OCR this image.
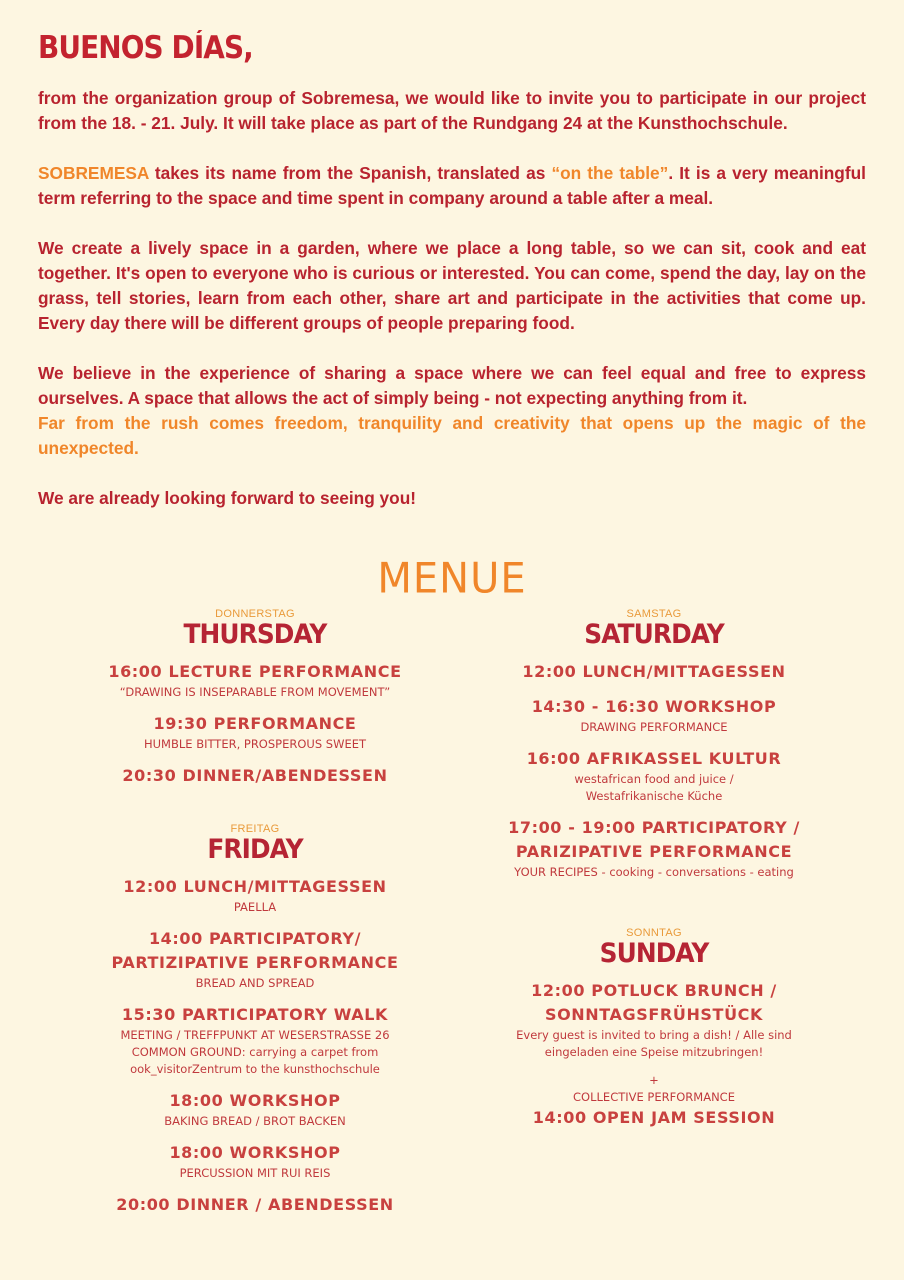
BUENOS DÍAS,

from the organization group of Sobremesa, we would like to invite you to participate in our project from the 18. - 21. July. It will take place as part of the Rundgang 24 at the Kunsthochschule.

SOBREMESA takes its name from the Spanish, translated as “on the table”. It is a very meaningful term referring to the space and time spent in company around a table after a meal.

We create a lively space in a garden, where we place a long table, so we can sit, cook and eat together. It's open to everyone who is curious or interested. You can come, spend the day, lay on the grass, tell stories, learn from each other, share art and participate in the activities that come up. Every day there will be different groups of people preparing food.

We believe in the experience of sharing a space where we can feel equal and free to express ourselves. A space that allows the act of simply being - not expecting anything from it.
Far from the rush comes freedom, tranquility and creativity that opens up the magic of the unexpected.

We are already looking forward to seeing you!

MENUE
DONNERSTAG
THURSDAY
16:00 LECTURE PERFORMANCE
“DRAWING IS INSEPARABLE FROM MOVEMENT”
19:30 PERFORMANCE
HUMBLE BITTER, PROSPEROUS SWEET
20:30 DINNER/ABENDESSEN
FREITAG
FRIDAY
12:00 LUNCH/MITTAGESSEN
PAELLA
14:00 PARTICIPATORY/
PARTIZIPATIVE PERFORMANCE
BREAD AND SPREAD
15:30 PARTICIPATORY WALK
MEETING / TREFFPUNKT AT WESERSTRASSE 26
COMMON GROUND: carrying a carpet from
ook_visitorZentrum to the kunsthochschule
18:00 WORKSHOP
BAKING BREAD / BROT BACKEN
18:00 WORKSHOP
PERCUSSION MIT RUI REIS
20:00 DINNER / ABENDESSEN
SAMSTAG
SATURDAY
12:00 LUNCH/MITTAGESSEN
14:30 - 16:30 WORKSHOP
DRAWING PERFORMANCE
16:00 AFRIKASSEL KULTUR
westafrican food and juice /
Westafrikanische Küche
17:00 - 19:00 PARTICIPATORY /
PARIZIPATIVE PERFORMANCE
YOUR RECIPES - cooking - conversations - eating
SONNTAG
SUNDAY
12:00 POTLUCK BRUNCH /
SONNTAGSFRÜHSTÜCK
Every guest is invited to bring a dish! / Alle sind
eingeladen eine Speise mitzubringen!
+
COLLECTIVE PERFORMANCE
14:00 OPEN JAM SESSION
